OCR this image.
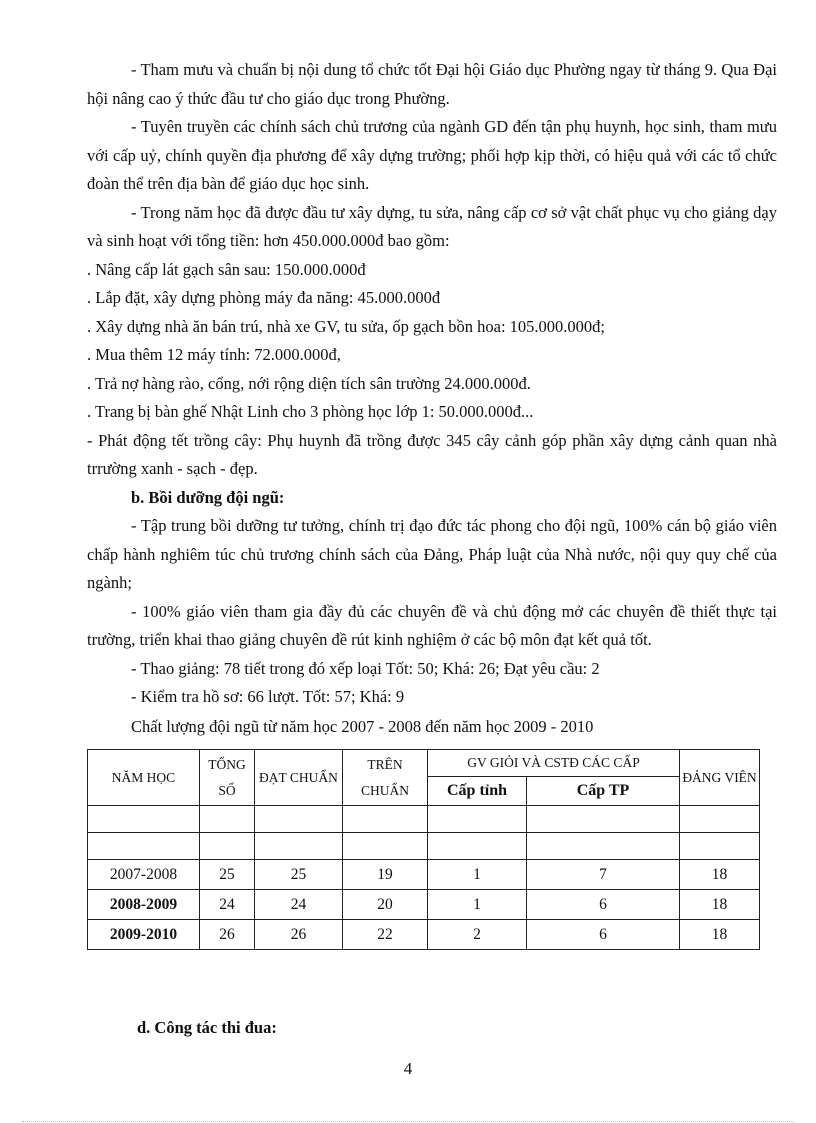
- Tham mưu và chuẩn bị nội dung tổ chức tốt Đại hội Giáo dục Phường ngay từ tháng 9. Qua Đại hội nâng cao ý thức đầu tư cho giáo dục trong Phường.

- Tuyên truyền các chính sách chủ trương của ngành GD đến tận phụ huynh, học sinh, tham mưu với cấp uỷ, chính quyền địa phương để xây dựng trường; phối hợp kịp thời, có hiệu quả với các tổ chức đoàn thể trên địa bàn để giáo dục học sinh.

- Trong năm học đã được đầu tư xây dựng, tu sửa, nâng cấp cơ sở vật chất phục vụ cho giảng dạy và sinh hoạt với tổng tiền: hơn 450.000.000đ bao gồm:

. Nâng cấp lát gạch sân sau: 150.000.000đ

. Lắp đặt, xây dựng phòng máy đa năng: 45.000.000đ

. Xây dựng nhà ăn bán trú, nhà xe GV, tu sửa, ốp gạch bồn hoa: 105.000.000đ;

. Mua thêm 12 máy tính: 72.000.000đ,

. Trả nợ hàng rào, cổng, nới rộng diện tích sân trường 24.000.000đ.

. Trang bị bàn ghế Nhật Linh cho 3 phòng học lớp 1: 50.000.000đ...

- Phát động tết trồng cây: Phụ huynh đã trồng được 345 cây cảnh góp phần xây dựng cảnh quan nhà trrường xanh - sạch - đẹp.

b. Bồi dưỡng đội ngũ:

- Tập trung bồi dưỡng tư tưởng, chính trị đạo đức tác phong cho đội ngũ, 100% cán bộ giáo viên chấp hành nghiêm túc chủ trương chính sách của Đảng, Pháp luật của Nhà nước, nội quy quy chế của ngành;

- 100% giáo viên tham gia đầy đủ các chuyên đề và chủ động mở các chuyên đề thiết thực tại trường, triển khai thao giảng chuyên đề rút kinh nghiệm ở các bộ môn đạt kết quả tốt.

- Thao giảng: 78 tiết trong đó xếp loại Tốt: 50; Khá: 26; Đạt yêu cầu: 2

- Kiểm tra hồ sơ: 66 lượt. Tốt: 57; Khá: 9

Chất lượng đội ngũ từ năm học 2007 - 2008 đến năm học 2009 - 2010

NĂM HỌC	TỔNG SỐ	ĐẠT CHUẨN	TRÊN CHUẨN	GV GIỎI VÀ CSTĐ CÁC CẤP		ĐẢNG VIÊN
				Cấp tỉnh	Cấp TP	

2007-2008	25	25	19	1	7	18
2008-2009	24	24	20	1	6	18
2009-2010	26	26	22	2	6	18
d. Công tác thi đua:
4
